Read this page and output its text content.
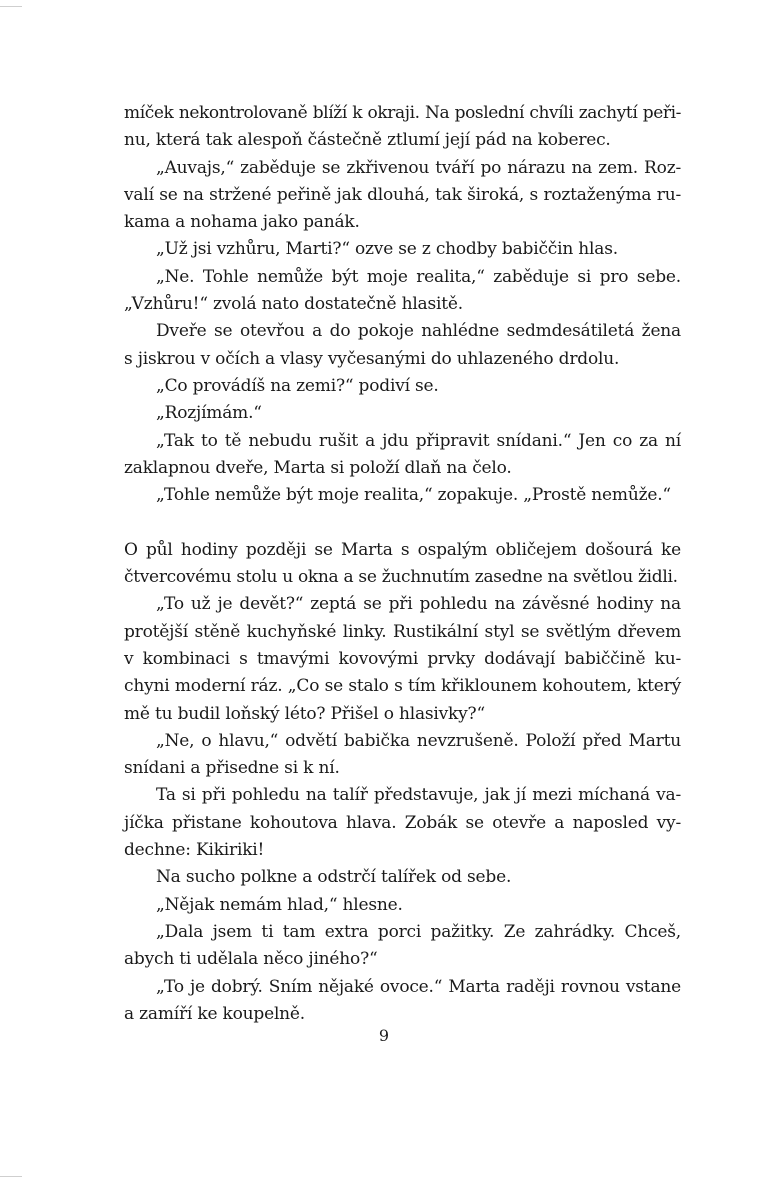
míček nekontrolovaně blíží k okraji. Na poslední chvíli zachytí peři-
nu, která tak alespoň částečně ztlumí její pád na koberec.
„Auvajs,“ zaběduje se zkřivenou tváří po nárazu na zem. Roz-
valí se na stržené peřině jak dlouhá, tak široká, s roztaženýma ru-
kama a nohama jako panák.
„Už jsi vzhůru, Marti?“ ozve se z chodby babiččin hlas.
„Ne. Tohle nemůže být moje realita,“ zaběduje si pro sebe.
„Vzhůru!“ zvolá nato dostatečně hlasitě.
Dveře se otevřou a do pokoje nahlédne sedmdesátiletá žena
s jiskrou v očích a vlasy vyčesanými do uhlazeného drdolu.
„Co provádíš na zemi?“ podiví se.
„Rozjímám.“
„Tak to tě nebudu rušit a jdu připravit snídani.“ Jen co za ní
zaklapnou dveře, Marta si položí dlaň na čelo.
„Tohle nemůže být moje realita,“ zopakuje. „Prostě nemůže.“
O půl hodiny později se Marta s ospalým obličejem došourá ke
čtvercovému stolu u okna a se žuchnutím zasedne na světlou židli.
„To už je devět?“ zeptá se při pohledu na závěsné hodiny na
protější stěně kuchyňské linky. Rustikální styl se světlým dřevem
v kombinaci s tmavými kovovými prvky dodávají babiččině ku-
chyni moderní ráz. „Co se stalo s tím křiklounem kohoutem, který
mě tu budil loňský léto? Přišel o hlasivky?“
„Ne, o hlavu,“ odvětí babička nevzrušeně. Položí před Martu
snídani a přisedne si k ní.
Ta si při pohledu na talíř představuje, jak jí mezi míchaná va-
jíčka přistane kohoutova hlava. Zobák se otevře a naposled vy-
dechne: Kikiriki!
Na sucho polkne a odstrčí talířek od sebe.
„Nějak nemám hlad,“ hlesne.
„Dala jsem ti tam extra porci pažitky. Ze zahrádky. Chceš,
abych ti udělala něco jiného?“
„To je dobrý. Sním nějaké ovoce.“ Marta raději rovnou vstane
a zamíří ke koupelně.
9
